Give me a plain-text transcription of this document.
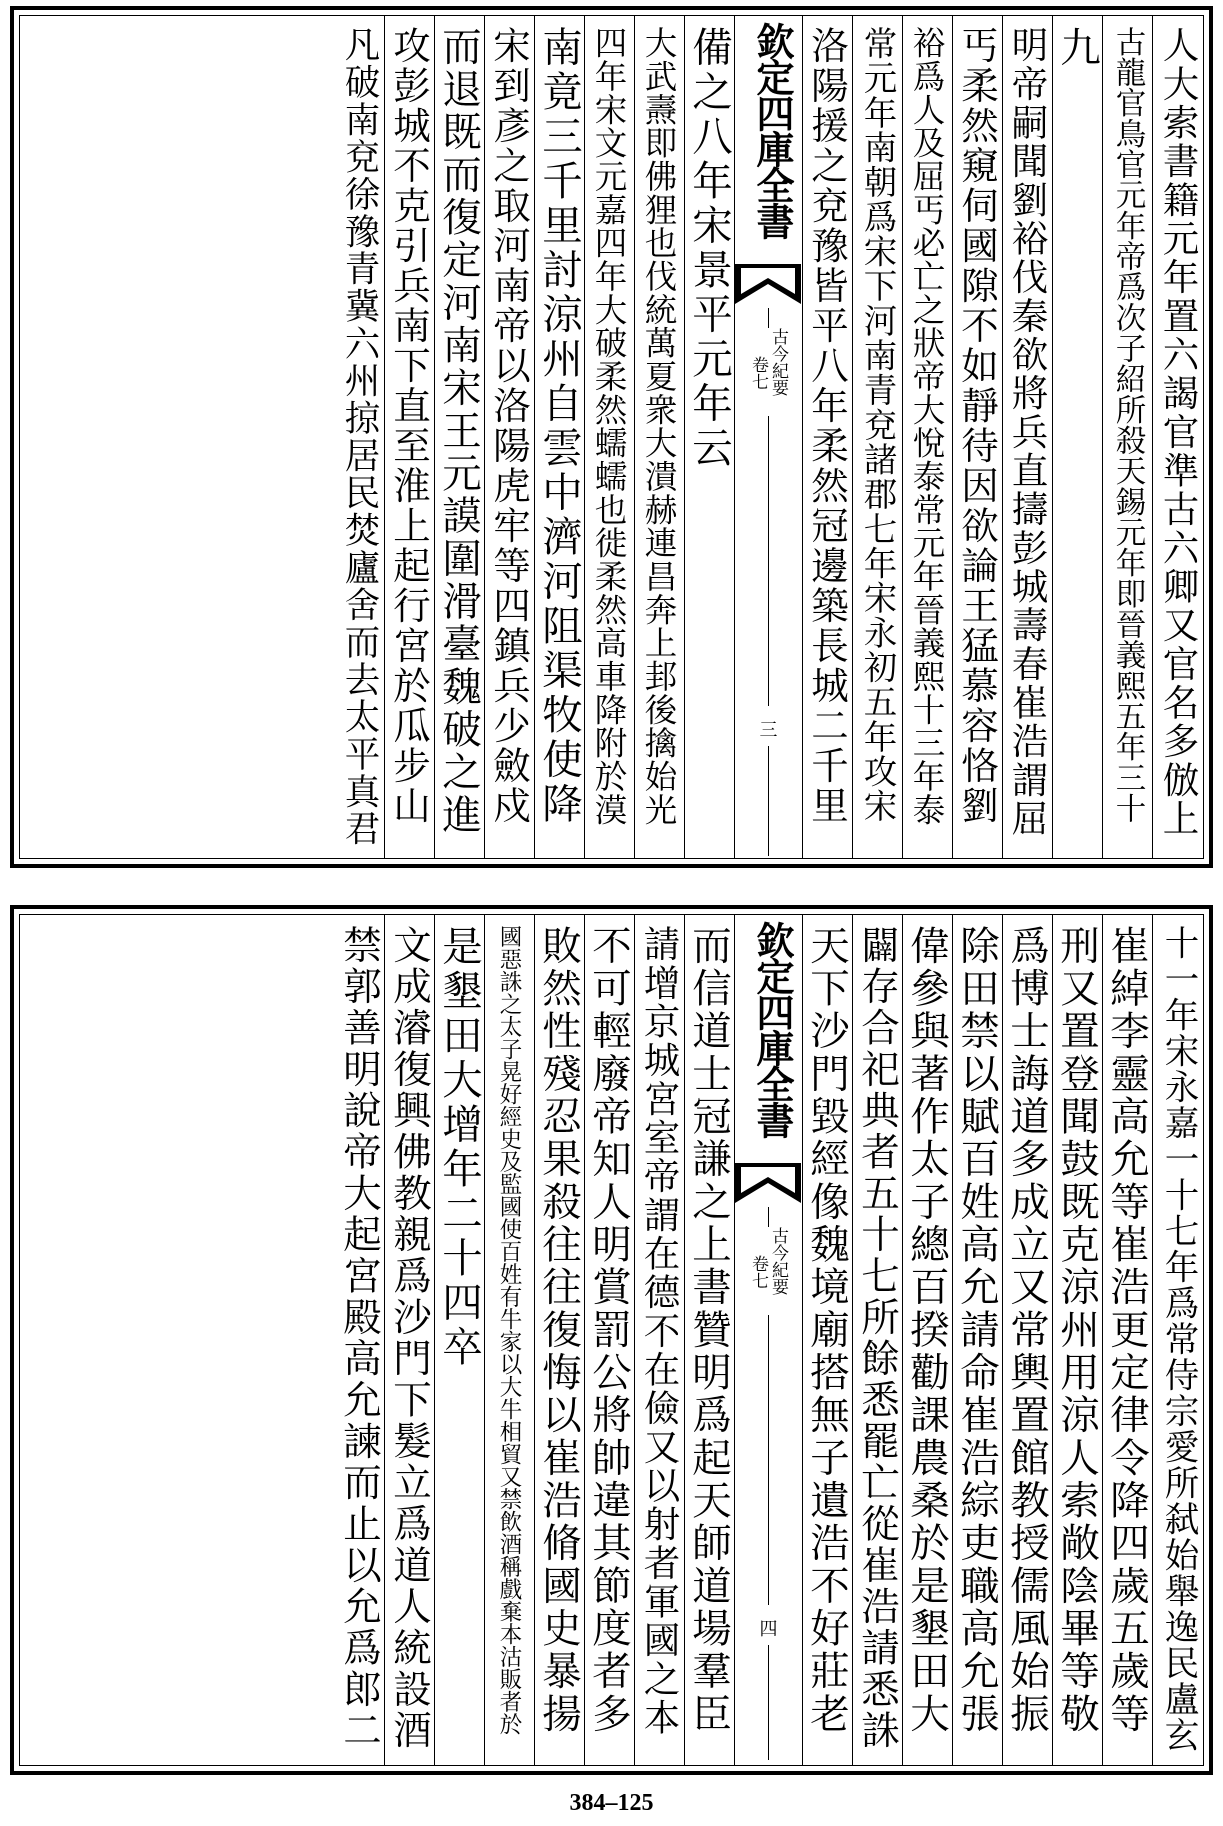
人大索書籍元年置六謁官準古六卿又官名多倣上
古龍官鳥官元年帝爲次子紹所殺天錫元年即晉義熙五年三十
九
明帝嗣聞劉裕伐秦欲將兵直擣彭城壽春崔浩謂屈
丐柔然窺伺國隙不如靜待因欲論王猛慕容恪劉
裕爲人及屈丐必亡之狀帝大悅泰常元年晉義熙十三年泰
常元年南朝爲宋下河南青兗諸郡七年宋永初五年攻宋
洛陽援之兗豫皆平八年柔然冠邊築長城二千里
欽定四庫全書
古今紀要
卷七
三
備之八年宋景平元年云
大武燾即佛狸也伐統萬夏衆大潰赫連昌奔上邽後擒始光
四年宋文元嘉四年大破柔然蠕蠕也徙柔然高車降附於漠
南竟三千里討涼州自雲中濟河阻渠牧使降
宋到彥之取河南帝以洛陽虎牢等四鎮兵少斂戍
而退既而復定河南宋王元謨圍滑臺魏破之進
攻彭城不克引兵南下直至淮上起行宮於瓜步山
凡破南兗徐豫青冀六州掠居民焚廬舍而去太平真君
十一年宋永嘉一十七年爲常侍宗愛所弑始舉逸民盧玄
崔綽李靈高允等崔浩更定律令降四歲五歲等
刑又置登聞鼓既克涼州用涼人索敞陰畢等敬
爲博士誨道多成立又常輿置館教授儒風始振
除田禁以賦百姓高允請命崔浩綜吏職高允張
偉參與著作太子總百揆勸課農桑於是墾田大
闢存合祀典者五十七所餘悉罷亡從崔浩請悉誅
天下沙門毀經像魏境廟搭無子遺浩不好莊老
欽定四庫全書
古今紀要
卷七
四
而信道士冠謙之上書贊明爲起天師道場羣臣
請增京城宮室帝謂在德不在儉又以射者軍國之本
不可輕廢帝知人明賞罰公將帥違其節度者多
敗然性殘忍果殺往往復悔以崔浩脩國史暴揚
國惡誅之太子晃好經史及監國使百姓有牛家以大牛相貿又禁飲酒稱戲棄本沽販者於
是墾田大增年二十四卒
文成濬復興佛教親爲沙門下髮立爲道人統設酒
禁郭善明說帝大起宮殿高允諫而止以允爲郎二
384–125
